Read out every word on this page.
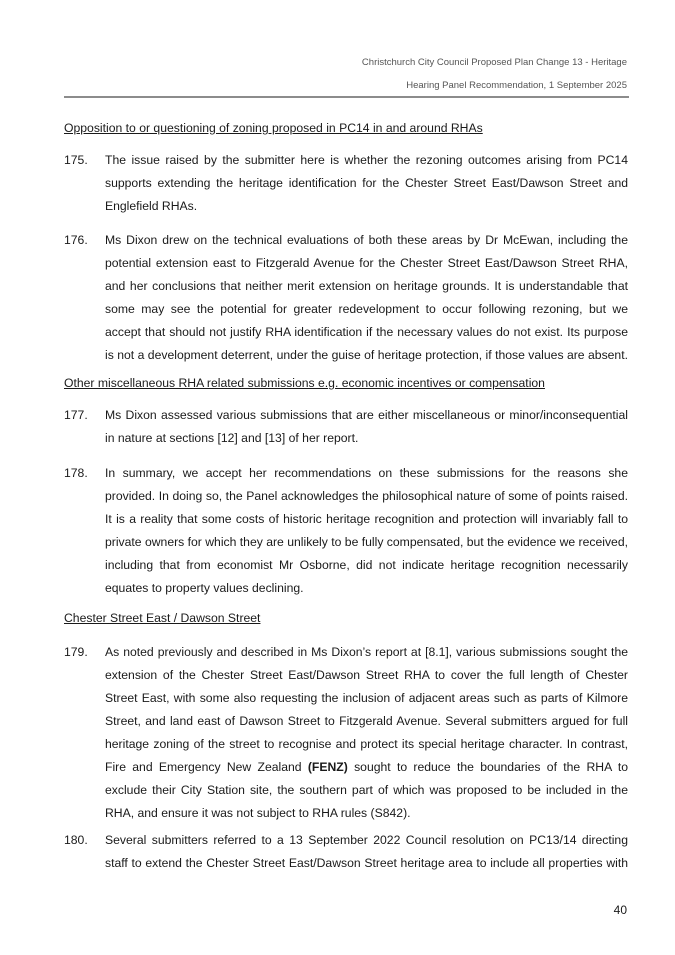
Christchurch City Council Proposed Plan Change 13 - Heritage
Hearing Panel Recommendation, 1 September 2025
Opposition to or questioning of zoning proposed in PC14 in and around RHAs
175. The issue raised by the submitter here is whether the rezoning outcomes arising from PC14
supports extending the heritage identification for the Chester Street East/Dawson Street and
Englefield RHAs.
176. Ms Dixon drew on the technical evaluations of both these areas by Dr McEwan, including the
potential extension east to Fitzgerald Avenue for the Chester Street East/Dawson Street RHA,
and her conclusions that neither merit extension on heritage grounds. It is understandable that
some may see the potential for greater redevelopment to occur following rezoning, but we
accept that should not justify RHA identification if the necessary values do not exist. Its purpose
is not a development deterrent, under the guise of heritage protection, if those values are absent.
Other miscellaneous RHA related submissions e.g. economic incentives or compensation
177. Ms Dixon assessed various submissions that are either miscellaneous or minor/inconsequential
in nature at sections [12] and [13] of her report.
178. In summary, we accept her recommendations on these submissions for the reasons she
provided. In doing so, the Panel acknowledges the philosophical nature of some of points raised.
It is a reality that some costs of historic heritage recognition and protection will invariably fall to
private owners for which they are unlikely to be fully compensated, but the evidence we received,
including that from economist Mr Osborne, did not indicate heritage recognition necessarily
equates to property values declining.
Chester Street East / Dawson Street
179. As noted previously and described in Ms Dixon’s report at [8.1], various submissions sought the
extension of the Chester Street East/Dawson Street RHA to cover the full length of Chester
Street East, with some also requesting the inclusion of adjacent areas such as parts of Kilmore
Street, and land east of Dawson Street to Fitzgerald Avenue. Several submitters argued for full
heritage zoning of the street to recognise and protect its special heritage character. In contrast,
Fire and Emergency New Zealand (FENZ) sought to reduce the boundaries of the RHA to
exclude their City Station site, the southern part of which was proposed to be included in the
RHA, and ensure it was not subject to RHA rules (S842).
180. Several submitters referred to a 13 September 2022 Council resolution on PC13/14 directing
staff to extend the Chester Street East/Dawson Street heritage area to include all properties with
40
